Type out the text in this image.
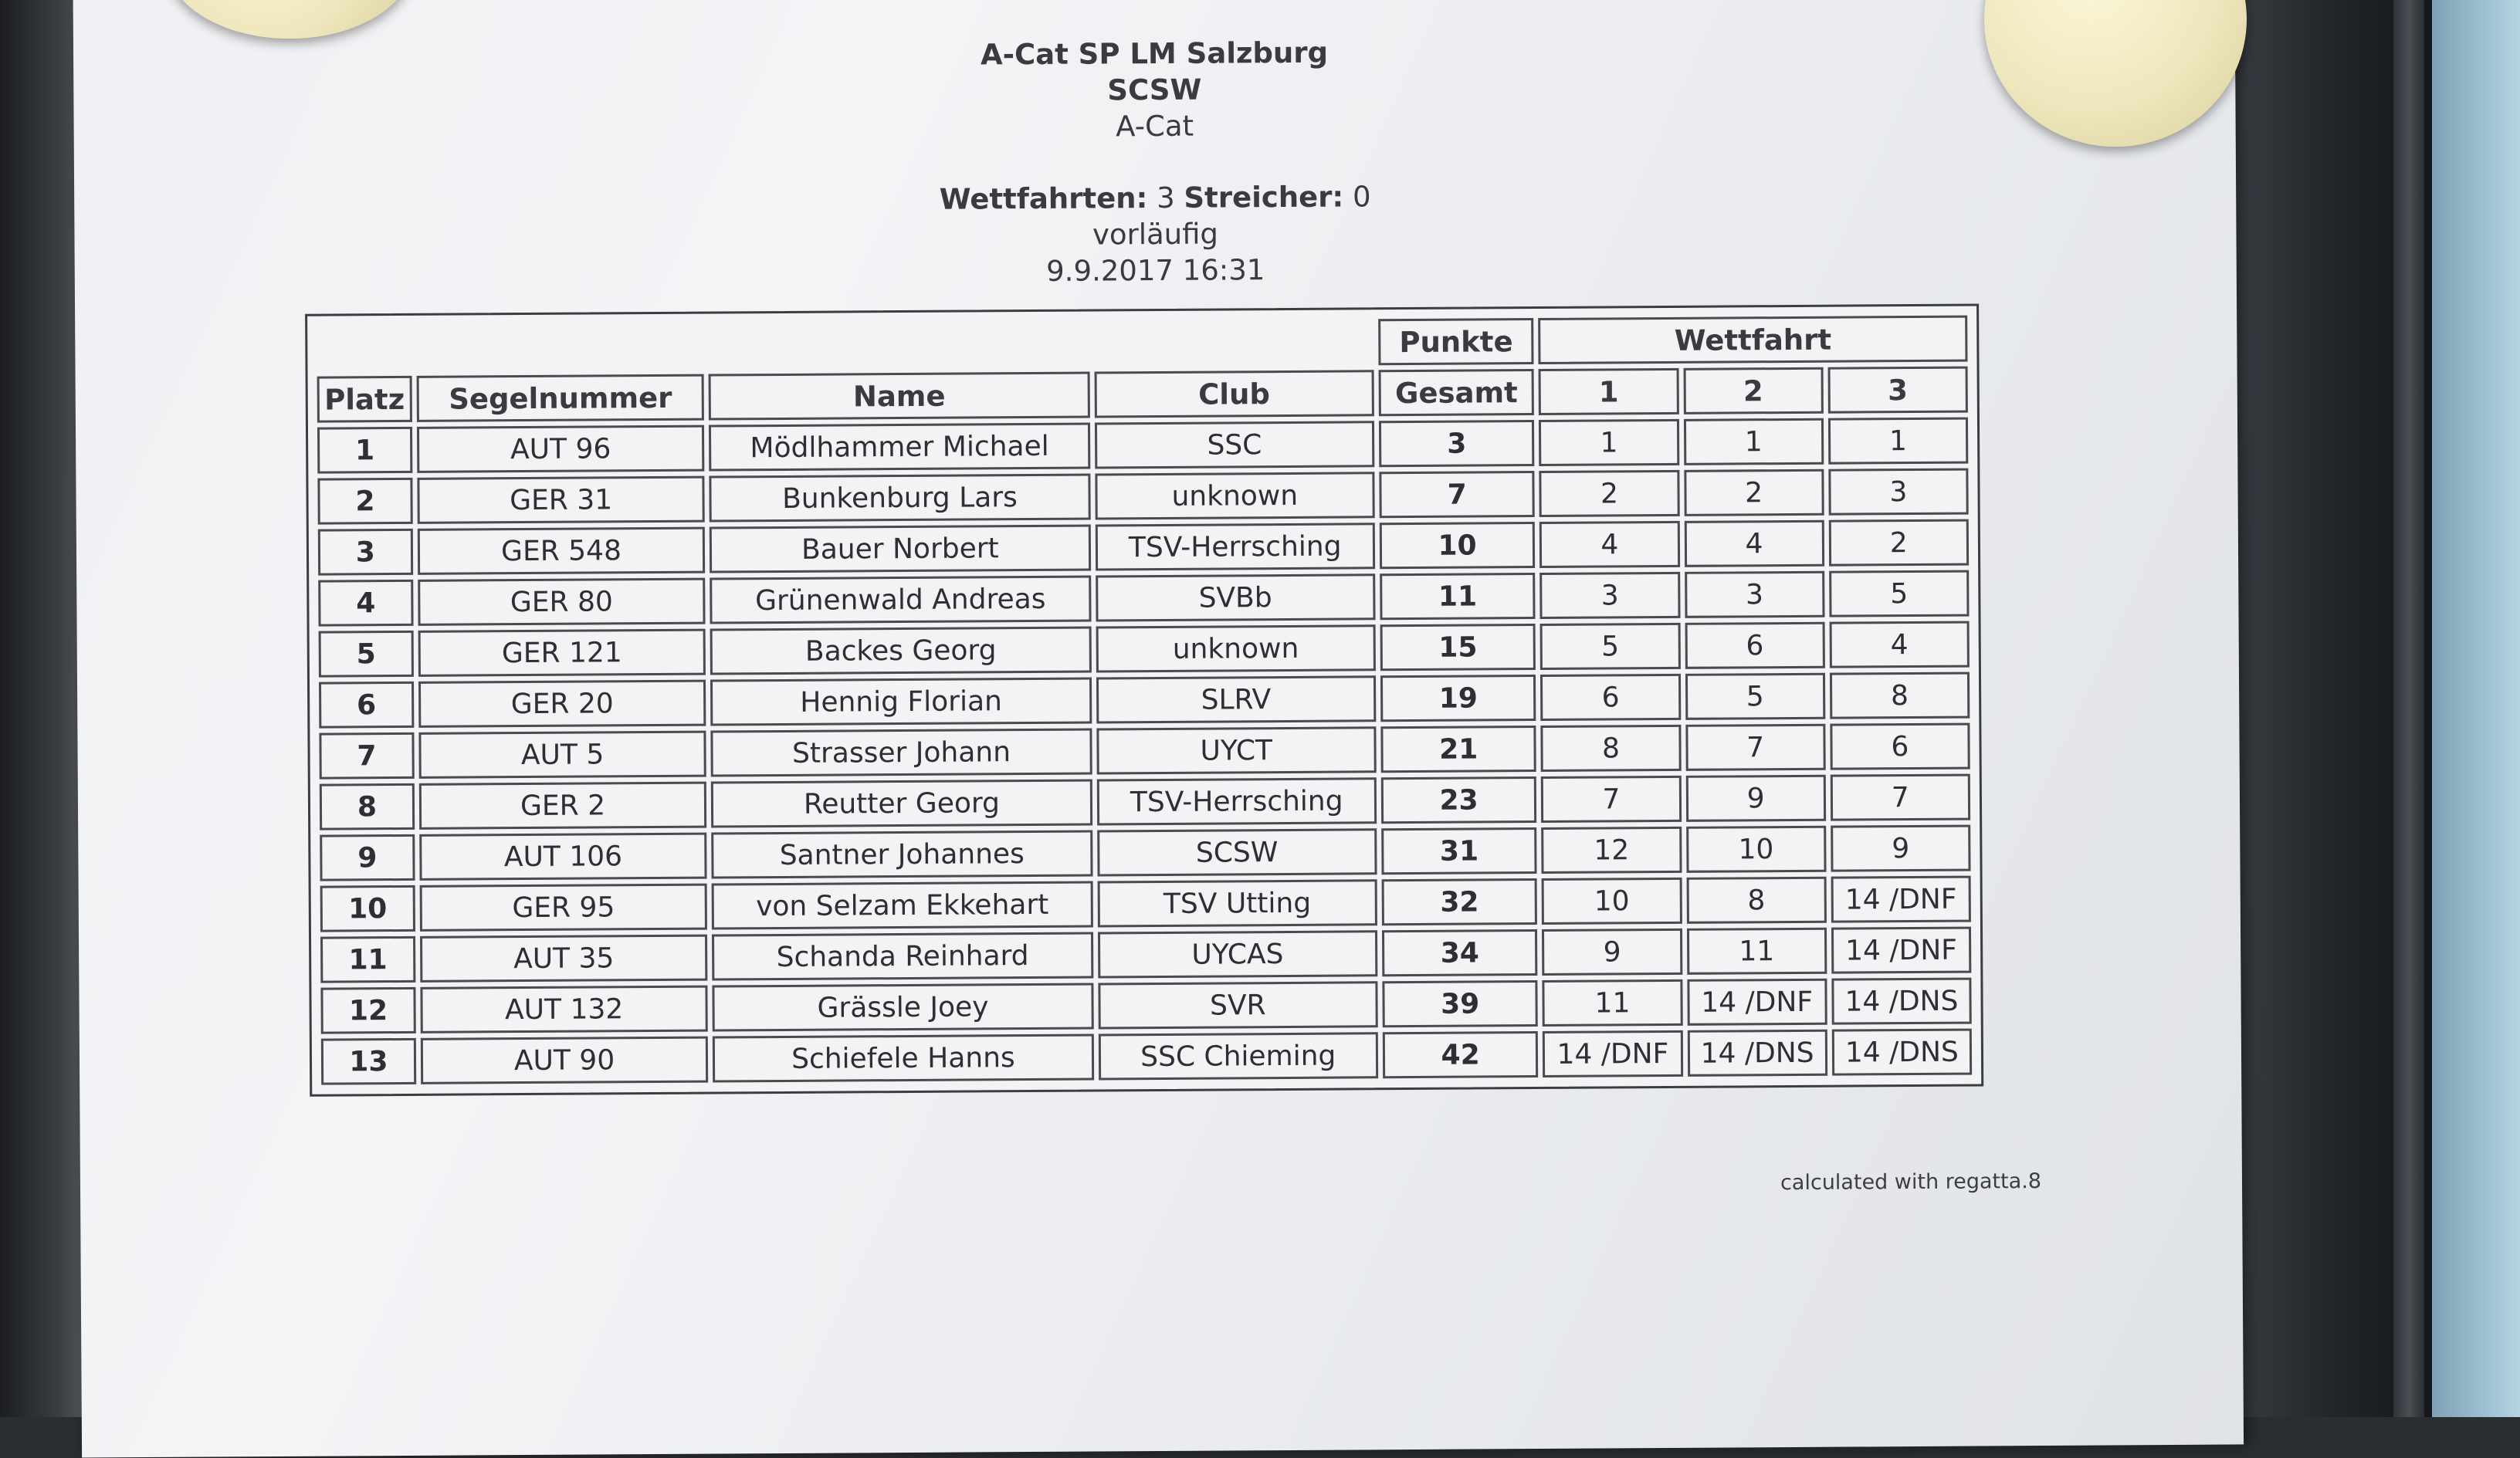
A-Cat SP LM Salzburg
SCSW
A-Cat
Wettfahrten: 3 Streicher: 0
vorläufig
9.9.2017 16:31
				Punkte	Wettfahrt		
Platz	Segelnummer	Name	Club	Gesamt	1	2	3
1	AUT 96	Mödlhammer Michael	SSC	3	1	1	1
2	GER 31	Bunkenburg Lars	unknown	7	2	2	3
3	GER 548	Bauer Norbert	TSV-Herrsching	10	4	4	2
4	GER 80	Grünenwald Andreas	SVBb	11	3	3	5
5	GER 121	Backes Georg	unknown	15	5	6	4
6	GER 20	Hennig Florian	SLRV	19	6	5	8
7	AUT 5	Strasser Johann	UYCT	21	8	7	6
8	GER 2	Reutter Georg	TSV-Herrsching	23	7	9	7
9	AUT 106	Santner Johannes	SCSW	31	12	10	9
10	GER 95	von Selzam Ekkehart	TSV Utting	32	10	8	14 /DNF
11	AUT 35	Schanda Reinhard	UYCAS	34	9	11	14 /DNF
12	AUT 132	Grässle Joey	SVR	39	11	14 /DNF	14 /DNS
13	AUT 90	Schiefele Hanns	SSC Chieming	42	14 /DNF	14 /DNS	14 /DNS
calculated with regatta.8
